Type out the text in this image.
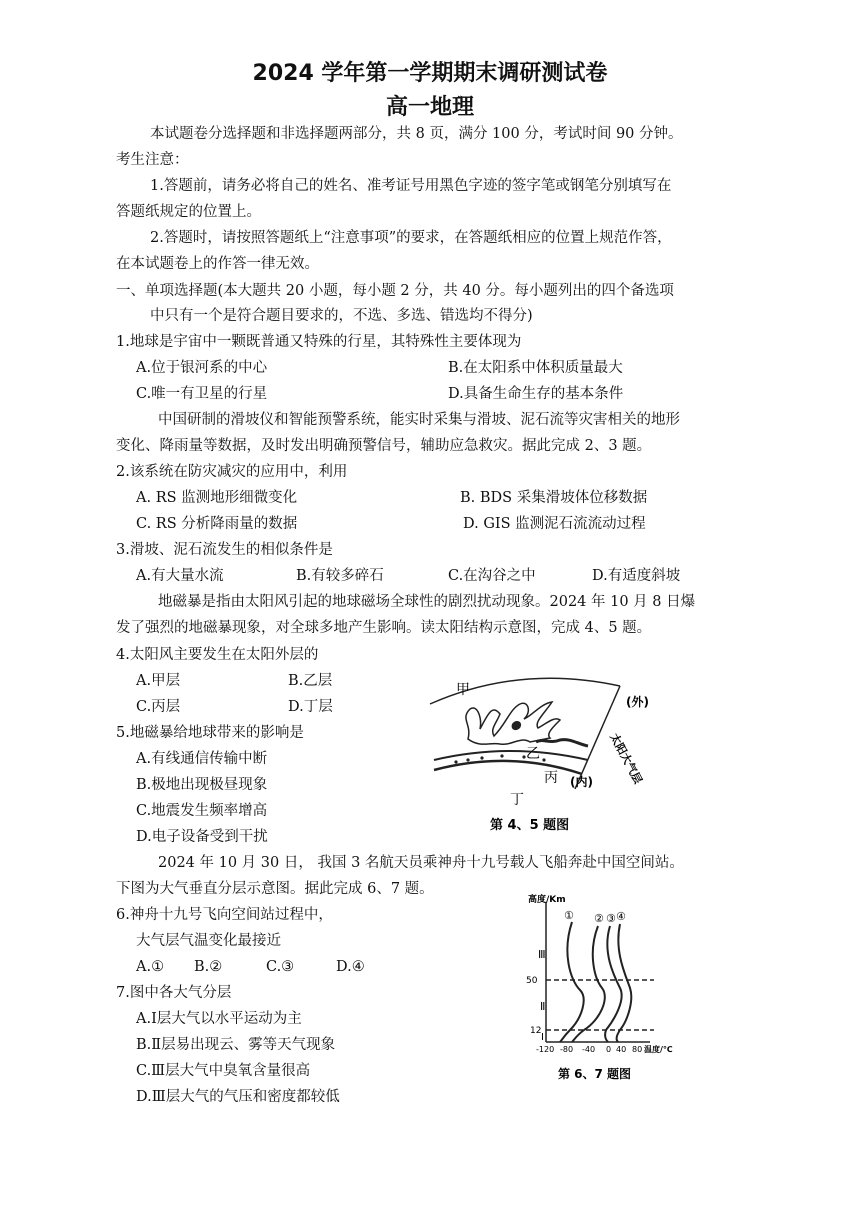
2024 学年第一学期期末调研测试卷
高一地理
本试题卷分选择题和非选择题两部分，共 8 页，满分 100 分，考试时间 90 分钟。
考生注意：
1.答题前，请务必将自己的姓名、准考证号用黑色字迹的签字笔或钢笔分别填写在
答题纸规定的位置上。
2.答题时，请按照答题纸上“注意事项”的要求，在答题纸相应的位置上规范作答，
在本试题卷上的作答一律无效。
一、单项选择题(本大题共 20 小题，每小题 2 分，共 40 分。每小题列出的四个备选项
中只有一个是符合题目要求的，不选、多选、错选均不得分)
1.地球是宇宙中一颗既普通又特殊的行星，其特殊性主要体现为
A.位于银河系的中心	B.在太阳系中体积质量最大
C.唯一有卫星的行星	D.具备生命生存的基本条件
中国研制的滑坡仪和智能预警系统，能实时采集与滑坡、泥石流等灾害相关的地形
变化、降雨量等数据，及时发出明确预警信号，辅助应急救灾。据此完成 2、3 题。
2.该系统在防灾减灾的应用中，利用
A. RS 监测地形细微变化	B. BDS 采集滑坡体位移数据
C. RS 分析降雨量的数据	D. GIS 监测泥石流流动过程
3.滑坡、泥石流发生的相似条件是
A.有大量水流	B.有较多碎石	C.在沟谷之中	D.有适度斜坡
地磁暴是指由太阳风引起的地球磁场全球性的剧烈扰动现象。2024 年 10 月 8 日爆
发了强烈的地磁暴现象，对全球多地产生影响。读太阳结构示意图，完成 4、5 题。
4.太阳风主要发生在太阳外层的
A.甲层	B.乙层
C.丙层	D.丁层
5.地磁暴给地球带来的影响是
A.有线通信传输中断
B.极地出现极昼现象
C.地震发生频率增高
D.电子设备受到干扰
甲
(外)
乙
丙 (内)
丁
太阳大气层
第 4、5 题图
2024 年 10 月 30 日， 我国 3 名航天员乘神舟十九号载人飞船奔赴中国空间站。
下图为大气垂直分层示意图。据此完成 6、7 题。
6.神舟十九号飞向空间站过程中，
大气层气温变化最接近
A.① B.②	C.③	D.④
7.图中各大气分层
A.Ⅰ层大气以水平运动为主
B.Ⅱ层易出现云、雾等天气现象
C.Ⅲ层大气中臭氧含量很高
D.Ⅲ层大气的气压和密度都较低
高度/Km
温度/℃
50
12
-120 -80 -40 0 40 80
Ⅲ
Ⅱ
Ⅰ
① ② ③ ④
第 6、7 题图
